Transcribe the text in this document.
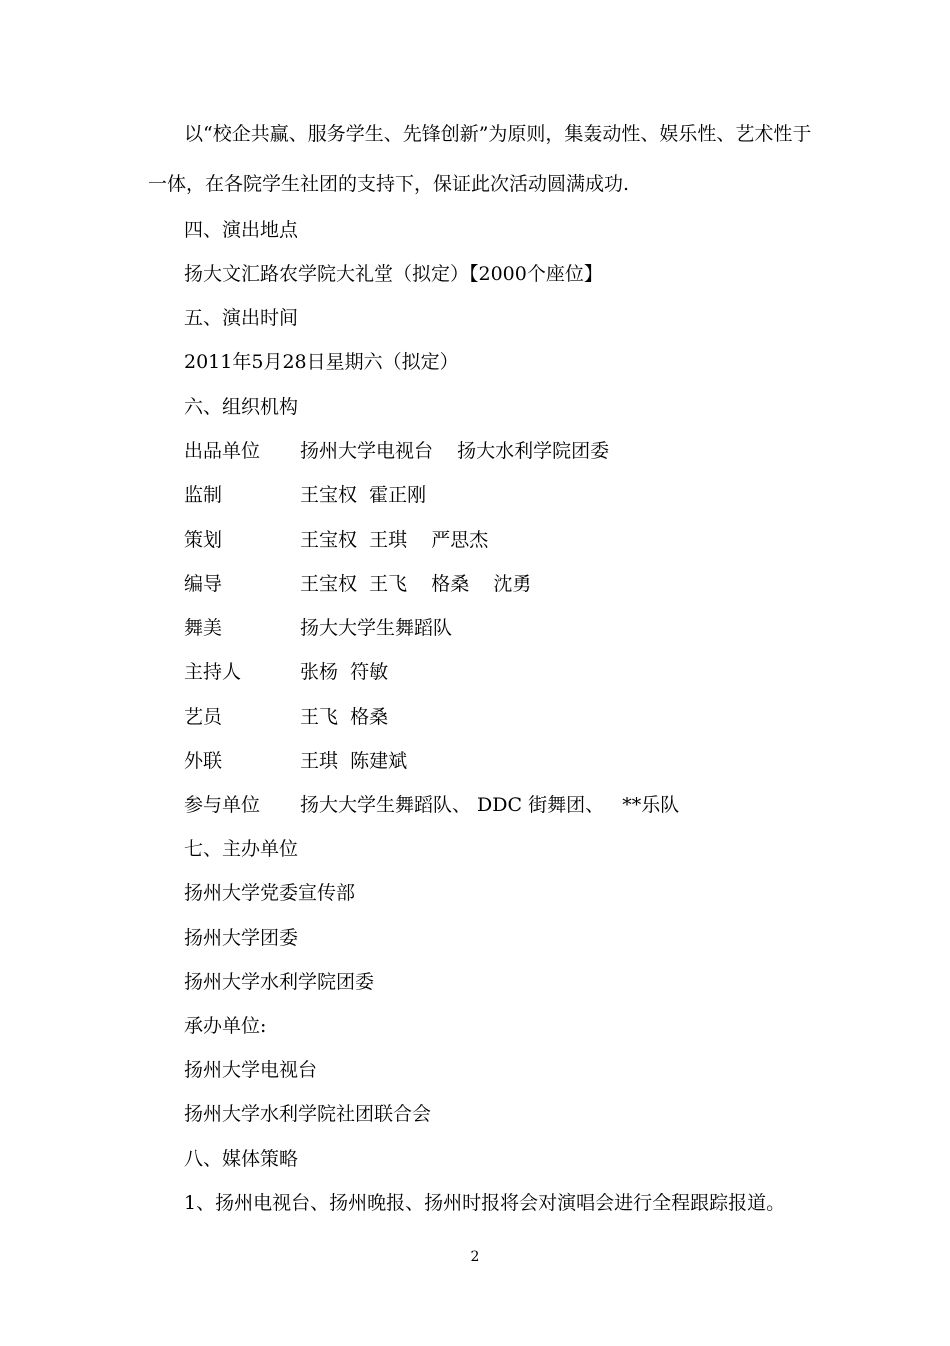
以“校企共赢、服务学生、先锋创新”为原则，集轰动性、娱乐性、艺术性于
一体，在各院学生社团的支持下，保证此次活动圆满成功.
四、演出地点
扬大文汇路农学院大礼堂（拟定）【2000个座位】
五、演出时间
2011年5月28日星期六（拟定）
六、组织机构
出品单位 扬州大学电视台    扬大水利学院团委
监制	王宝权  霍正刚
策划	王宝权  王琪    严思杰
编导	王宝权  王飞    格桑    沈勇
舞美	扬大大学生舞蹈队
主持人	张杨  符敏
艺员	王飞  格桑
外联	王琪  陈建斌
参与单位 扬大大学生舞蹈队、 DDC 街舞团、   **乐队
七、主办单位
扬州大学党委宣传部
扬州大学团委
扬州大学水利学院团委
承办单位:
扬州大学电视台
扬州大学水利学院社团联合会
八、媒体策略
1、扬州电视台、扬州晚报、扬州时报将会对演唱会进行全程跟踪报道。
2
